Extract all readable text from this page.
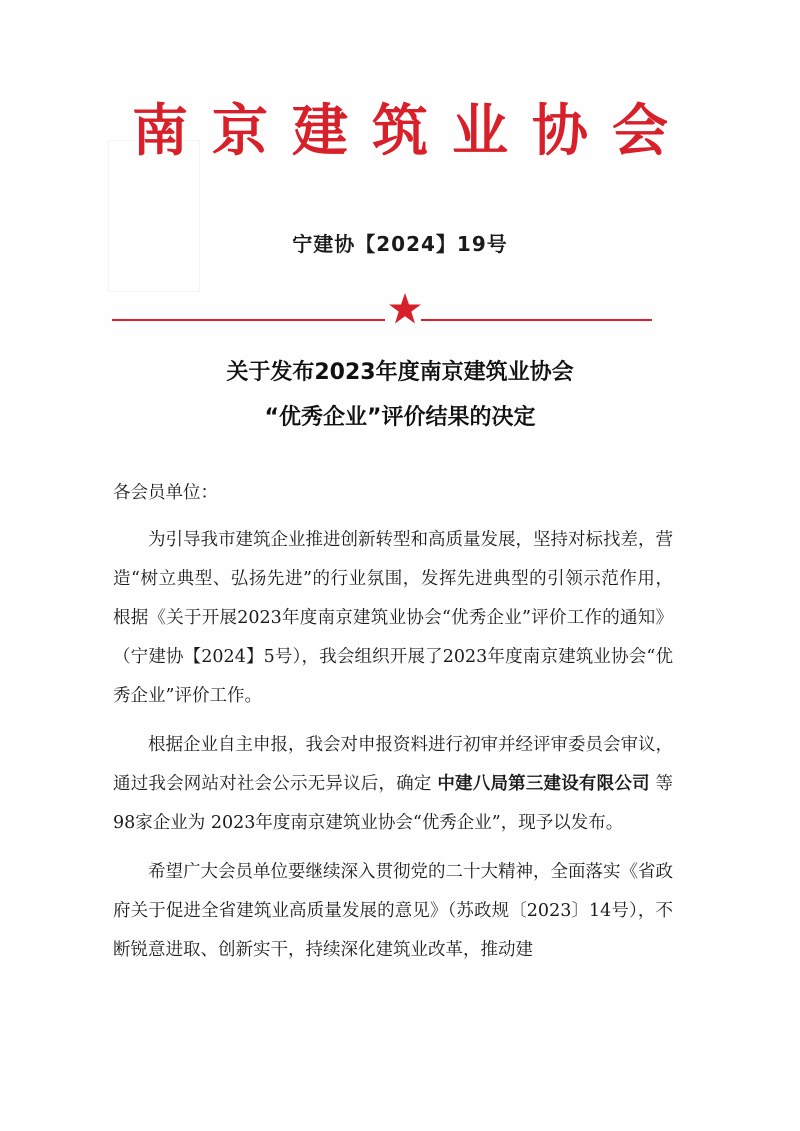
南京建筑业协会
宁建协【2024】19号
关于发布2023年度南京建筑业协会
“优秀企业”评价结果的决定
各会员单位：

为引导我市建筑企业推进创新转型和高质量发展，坚持对标找差，营造“树立典型、弘扬先进”的行业氛围，发挥先进典型的引领示范作用，根据《关于开展2023年度南京建筑业协会“优秀企业”评价工作的通知》（宁建协【2024】5号），我会组织开展了2023年度南京建筑业协会“优秀企业”评价工作。

根据企业自主申报，我会对申报资料进行初审并经评审委员会审议，通过我会网站对社会公示无异议后，确定 中建八局第三建设有限公司 等98家企业为 2023年度南京建筑业协会“优秀企业”，现予以发布。

希望广大会员单位要继续深入贯彻党的二十大精神，全面落实《省政府关于促进全省建筑业高质量发展的意见》（苏政规〔2023〕14号），不断锐意进取、创新实干，持续深化建筑业改革，推动建
